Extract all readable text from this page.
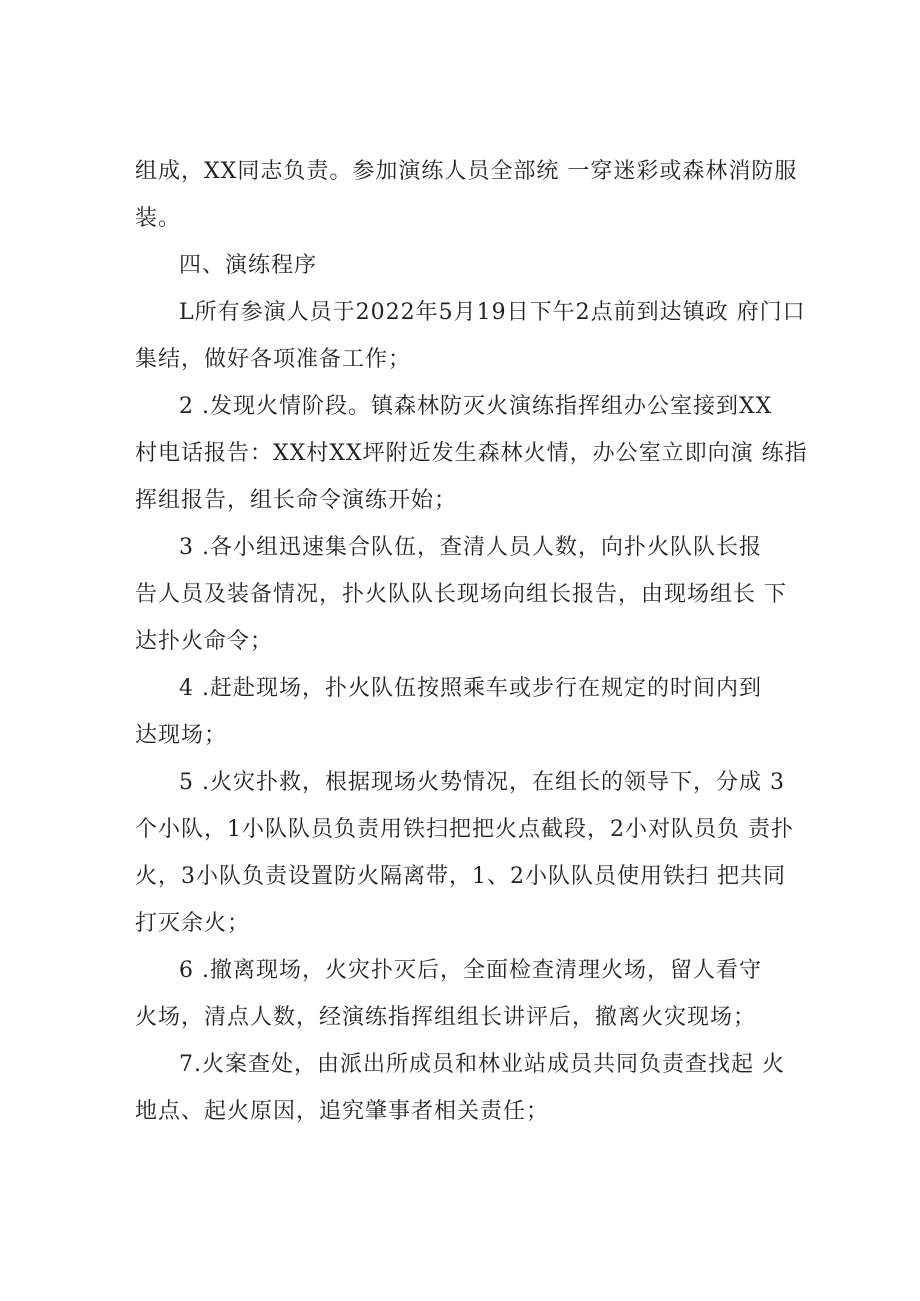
组成，XX同志负责。参加演练人员全部统 一穿迷彩或森林消防服
装。
四、演练程序
L所有参演人员于2022年5月19日下午2点前到达镇政 府门口
集结，做好各项准备工作；
2 .发现火情阶段。镇森林防灭火演练指挥组办公室接到XX
村电话报告：XX村XX坪附近发生森林火情，办公室立即向演 练指
挥组报告，组长命令演练开始；
3 .各小组迅速集合队伍，查清人员人数，向扑火队队长报
告人员及装备情况，扑火队队长现场向组长报告，由现场组长 下
达扑火命令；
4 .赶赴现场，扑火队伍按照乘车或步行在规定的时间内到
达现场；
5 .火灾扑救，根据现场火势情况，在组长的领导下，分成 3
个小队，1小队队员负责用铁扫把把火点截段，2小对队员负 责扑
火，3小队负责设置防火隔离带，1、2小队队员使用铁扫 把共同
打灭余火；
6 .撤离现场，火灾扑灭后，全面检查清理火场，留人看守
火场，清点人数，经演练指挥组组长讲评后，撤离火灾现场；
7.火案查处，由派出所成员和林业站成员共同负责查找起 火
地点、起火原因，追究肇事者相关责任；
